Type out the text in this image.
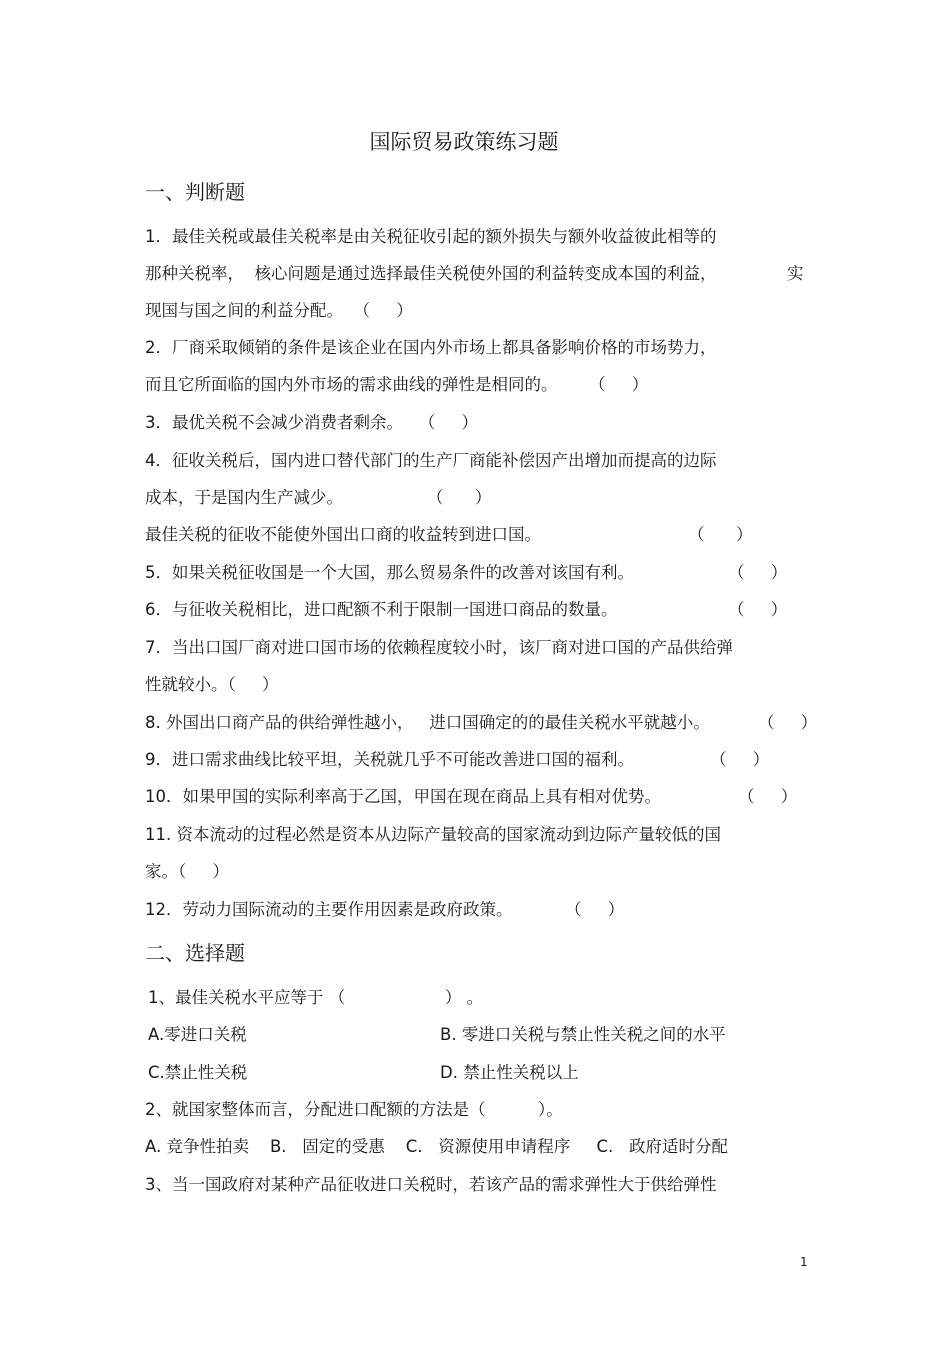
国际贸易政策练习题
一、判断题
1．最佳关税或最佳关税率是由关税征收引起的额外损失与额外收益彼此相等的
那种关税率，  核心问题是通过选择最佳关税使外国的利益转变成本国的利益，	实
现国与国之间的利益分配。  （     ）
2．厂商采取倾销的条件是该企业在国内外市场上都具备影响价格的市场势力，
而且它所面临的国内外市场的需求曲线的弹性是相同的。      （     ）
3．最优关税不会减少消费者剩余。   （     ）
4．征收关税后，国内进口替代部门的生产厂商能补偿因产出增加而提高的边际
成本，于是国内生产减少。                （      ）
最佳关税的征收不能使外国出口商的收益转到进口国。	（      ）
5．如果关税征收国是一个大国，那么贸易条件的改善对该国有利。	（     ）
6．与征收关税相比，进口配额不利于限制一国进口商品的数量。	（     ）
7．当出口国厂商对进口国市场的依赖程度较小时，该厂商对进口国的产品供给弹
性就较小。（     ）
8. 外国出口商产品的供给弹性越小，   进口国确定的的最佳关税水平就越小。	（     ）
9．进口需求曲线比较平坦，关税就几乎不可能改善进口国的福利。	（     ）
10．如果甲国的实际利率高于乙国，甲国在现在商品上具有相对优势。	（     ）
11. 资本流动的过程必然是资本从边际产量较高的国家流动到边际产量较低的国
家。（     ）
12．劳动力国际流动的主要作用因素是政府政策。	（     ）
二、选择题
1、最佳关税水平应等于 （                   ） 。
A.零进口关税	B. 零进口关税与禁止性关税之间的水平
C.禁止性关税	D. 禁止性关税以上
2、就国家整体而言，分配进口配额的方法是（          ）。
A. 竞争性拍卖    B.   固定的受惠    C.   资源使用申请程序     C.   政府适时分配
3、当一国政府对某种产品征收进口关税时，若该产品的需求弹性大于供给弹性
1
